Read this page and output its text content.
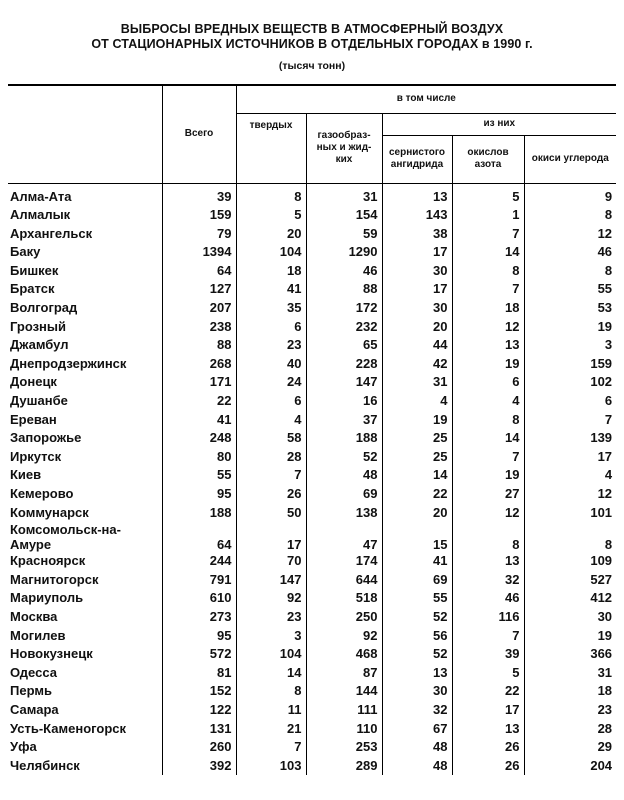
ВЫБРОСЫ ВРЕДНЫХ ВЕЩЕСТВ В АТМОСФЕРНЫЙ ВОЗДУХ
ОТ СТАЦИОНАРНЫХ ИСТОЧНИКОВ В ОТДЕЛЬНЫХ ГОРОДАХ в 1990 г.
(тысяч тонн)
	Всего	в том числе				
		твердых	газообраз-ных и жид-ких	из них		
				сернистого ангидрида	окислов азота	окиси углерода
Алма-Ата	39	8	31	13	5	9
Алмалык	159	5	154	143	1	8
Архангельск	79	20	59	38	7	12
Баку	1394	104	1290	17	14	46
Бишкек	64	18	46	30	8	8
Братск	127	41	88	17	7	55
Волгоград	207	35	172	30	18	53
Грозный	238	6	232	20	12	19
Джамбул	88	23	65	44	13	3
Днепродзержинск	268	40	228	42	19	159
Донецк	171	24	147	31	6	102
Душанбе	22	6	16	4	4	6
Ереван	41	4	37	19	8	7
Запорожье	248	58	188	25	14	139
Иркутск	80	28	52	25	7	17
Киев	55	7	48	14	19	4
Кемерово	95	26	69	22	27	12
Коммунарск	188	50	138	20	12	101
Комсомольск-на-Амуре	64	17	47	15	8	8
Красноярск	244	70	174	41	13	109
Магнитогорск	791	147	644	69	32	527
Мариуполь	610	92	518	55	46	412
Москва	273	23	250	52	116	30
Могилев	95	3	92	56	7	19
Новокузнецк	572	104	468	52	39	366
Одесса	81	14	87	13	5	31
Пермь	152	8	144	30	22	18
Самара	122	11	111	32	17	23
Усть-Каменогорск	131	21	110	67	13	28
Уфа	260	7	253	48	26	29
Челябинск	392	103	289	48	26	204
